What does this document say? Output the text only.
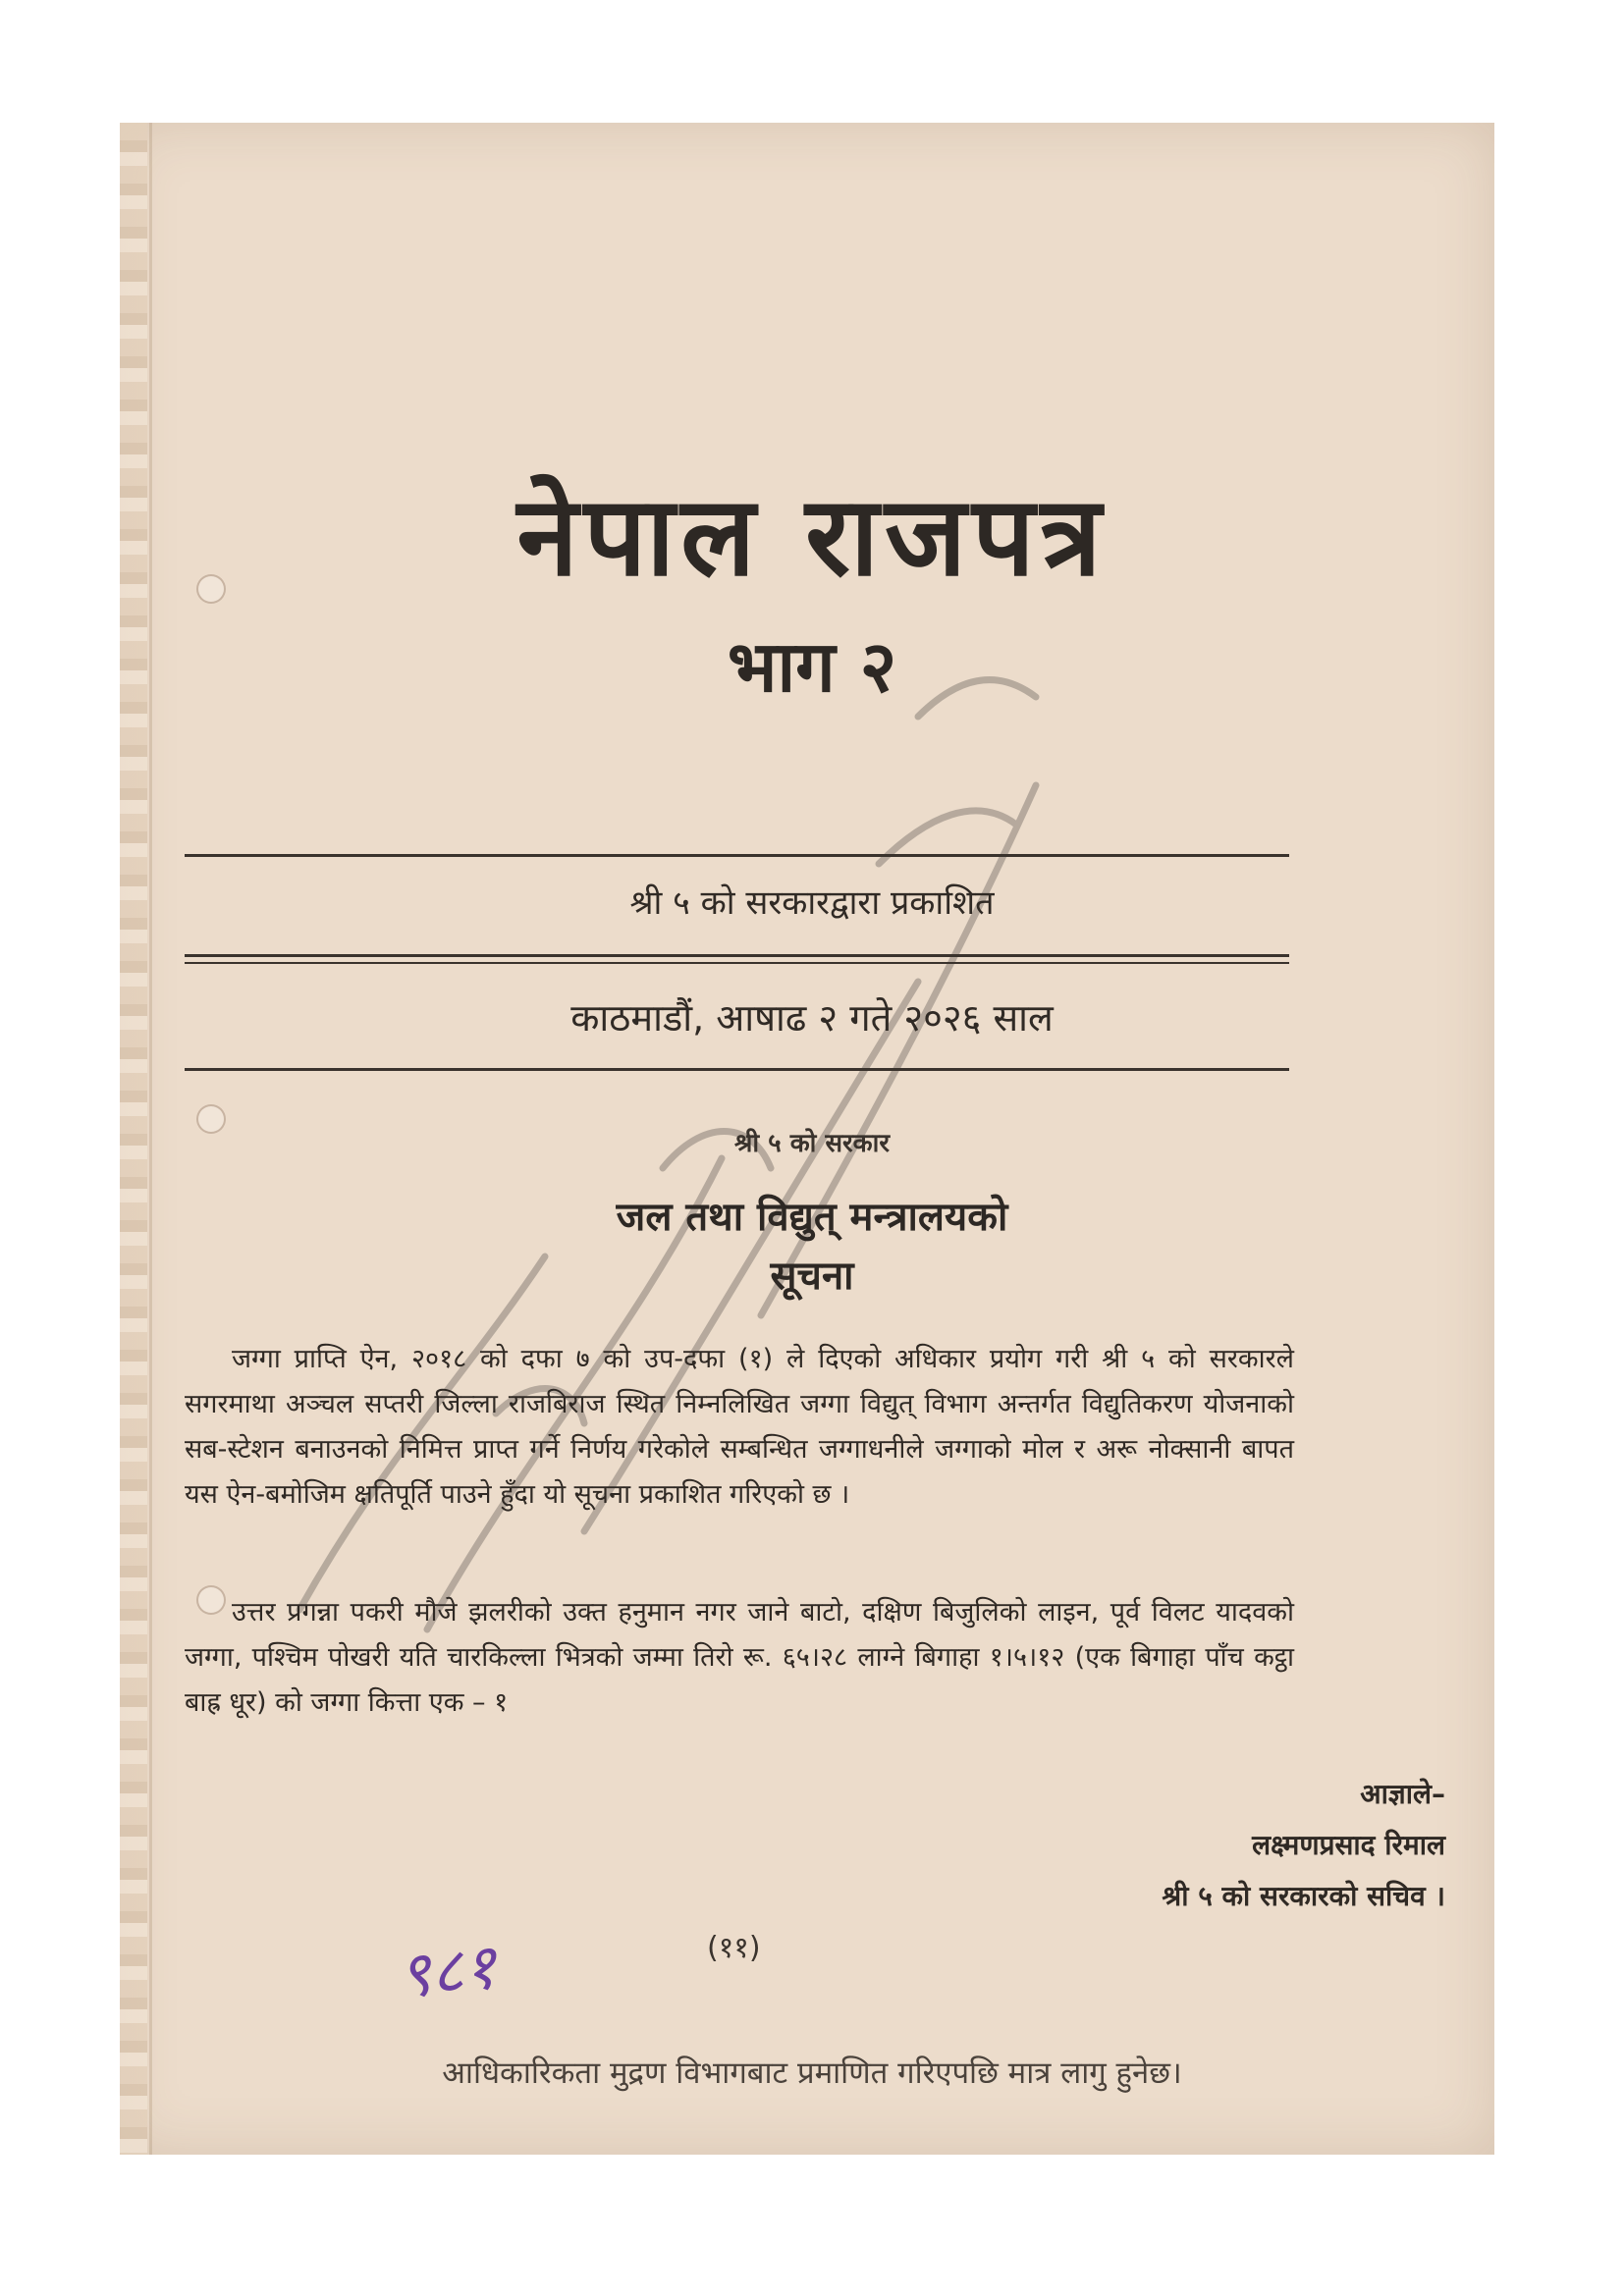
नेपाल राजपत्र
भाग २
श्री ५ को सरकारद्वारा प्रकाशित
काठमाडौं, आषाढ २ गते २०२६ साल
श्री ५ को सरकार
जल तथा विद्युत् मन्त्रालयको
सूचना
जग्गा प्राप्ति ऐन, २०१८ को दफा ७ को उप-दफा (१) ले दिएको अधिकार प्रयोग गरी श्री ५ को सरकारले सगरमाथा अञ्चल सप्तरी जिल्ला राजबिराज स्थित निम्नलिखित जग्गा विद्युत् विभाग अन्तर्गत विद्युतिकरण योजनाको सब-स्टेशन बनाउनको निमित्त प्राप्त गर्ने निर्णय गरेकोले सम्बन्धित जग्गाधनीले जग्गाको मोल र अरू नोक्सानी बापत यस ऐन-बमोजिम क्षतिपूर्ति पाउने हुँदा यो सूचना प्रकाशित गरिएको छ ।
उत्तर प्रगन्ना पकरी मौजे झलरीको उक्त हनुमान नगर जाने बाटो, दक्षिण बिजुलिको लाइन, पूर्व विलट यादवको जग्गा, पश्चिम पोखरी यति चारकिल्ला भित्रको जम्मा तिरो रू. ६५।२८ लाग्ने बिगाहा १।५।१२ (एक बिगाहा पाँच कट्ठा बाह्र धूर) को जग्गा कित्ता एक – १
आज्ञाले–
लक्ष्मणप्रसाद रिमाल
श्री ५ को सरकारको सचिव ।
९८१	(११)
आधिकारिकता मुद्रण विभागबाट प्रमाणित गरिएपछि मात्र लागु हुनेछ।
